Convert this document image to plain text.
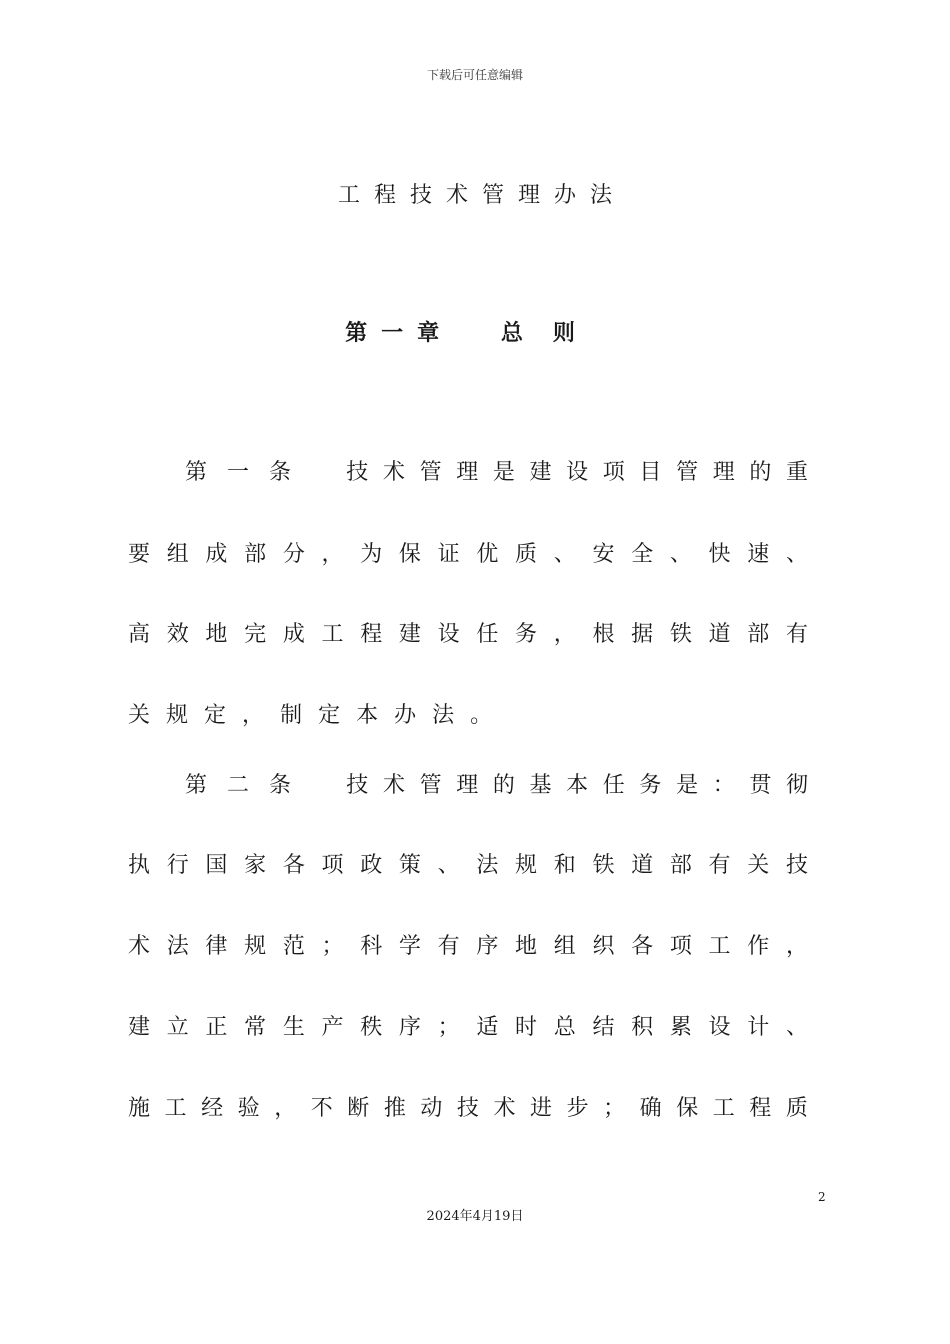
下载后可任意编辑
工程技术管理办法
第一章 总则
第 一 条	技 术 管 理 是 建 设 项 目 管 理 的 重
要 组 成 部 分 ， 为 保 证 优 质 、 安 全 、 快 速 、
高 效 地 完 成 工 程 建 设 任 务 ， 根 据 铁 道 部 有
关 规 定 ， 制 定 本 办 法 。
第 二 条	技 术 管 理 的 基 本 任 务 是 ： 贯 彻
执 行 国 家 各 项 政 策 、 法 规 和 铁 道 部 有 关 技
术 法 律 规 范 ； 科 学 有 序 地 组 织 各 项 工 作 ，
建 立 正 常 生 产 秩 序 ； 适 时 总 结 积 累 设 计 、
施 工 经 验 ， 不 断 推 动 技 术 进 步 ； 确 保 工 程 质
2
2024年4月19日
